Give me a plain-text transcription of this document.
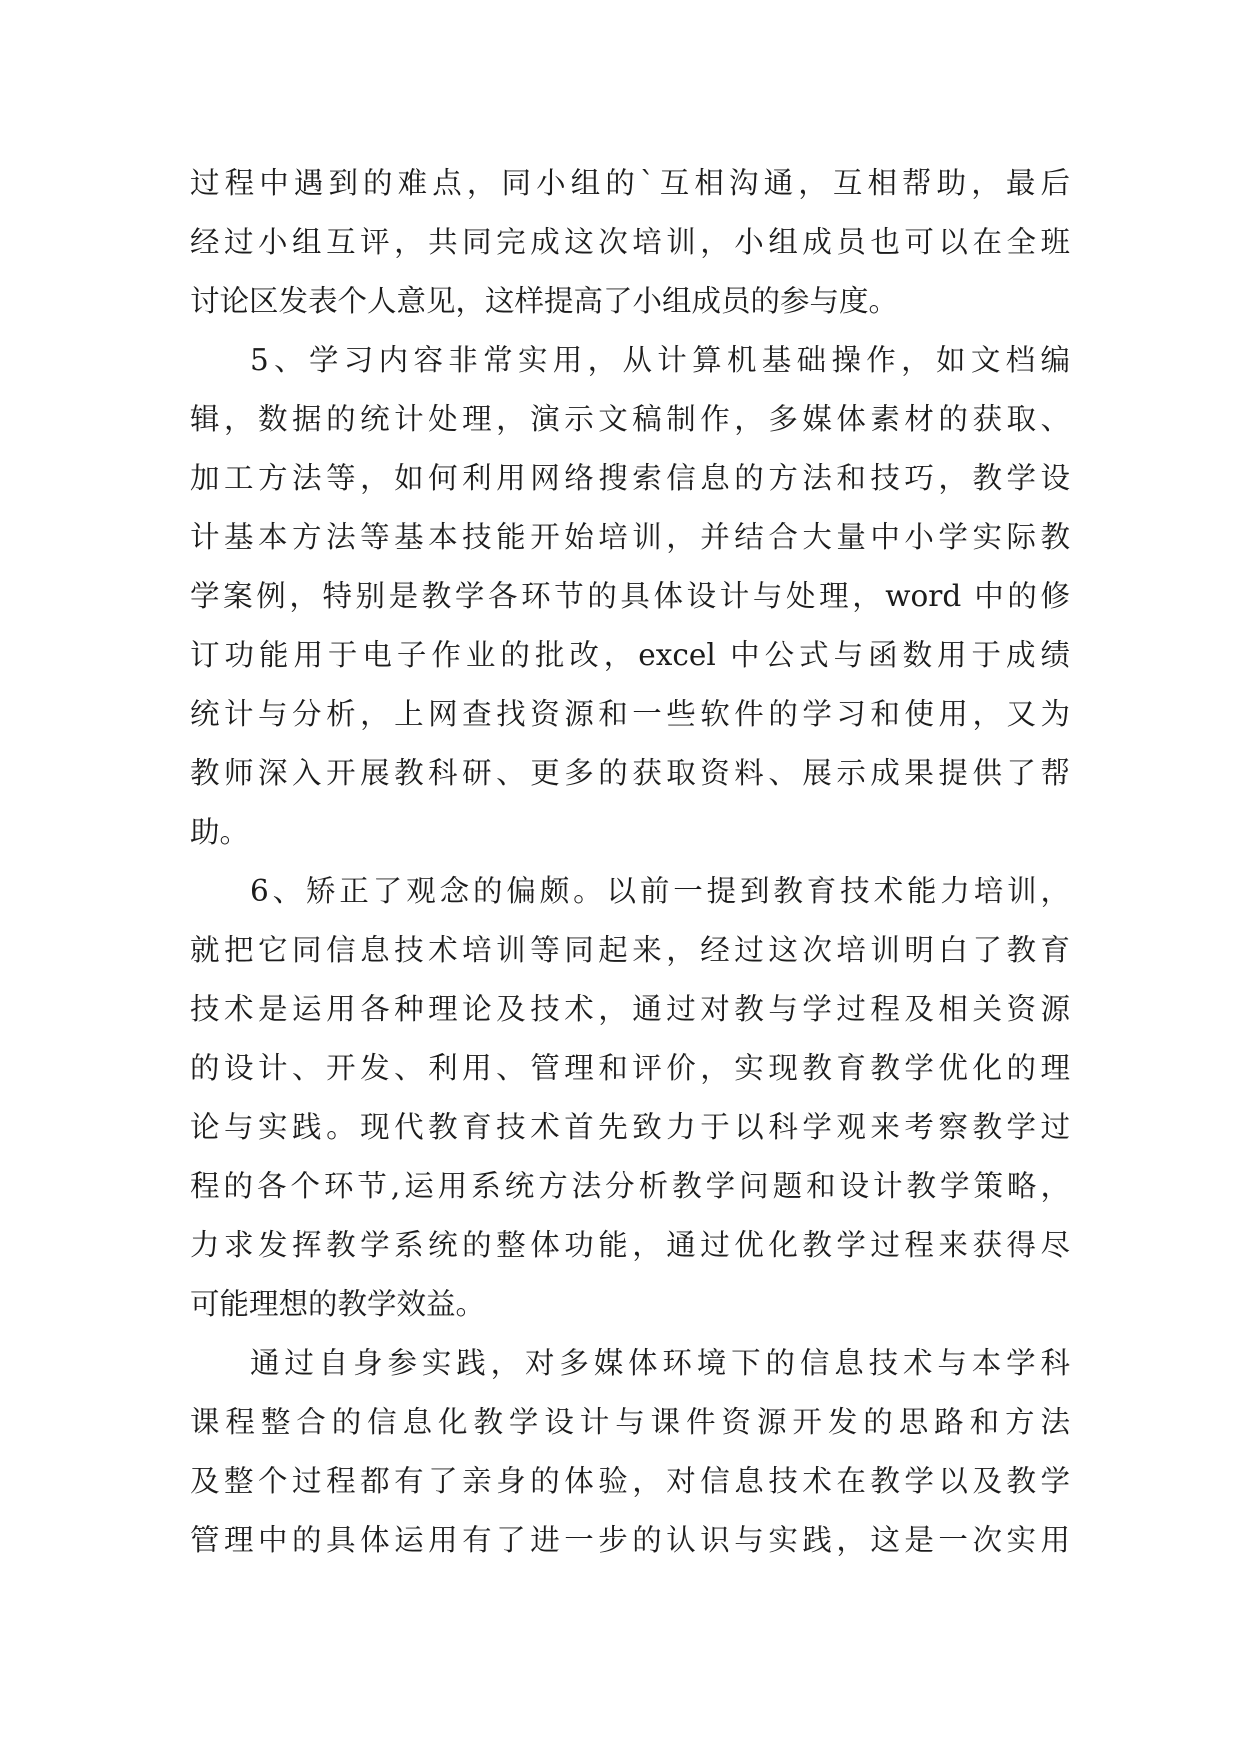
过程中遇到的难点，同小组的`互相沟通，互相帮助，最后
经过小组互评，共同完成这次培训，小组成员也可以在全班
讨论区发表个人意见，这样提高了小组成员的参与度。
5、学习内容非常实用，从计算机基础操作，如文档编
辑，数据的统计处理，演示文稿制作，多媒体素材的获取、
加工方法等，如何利用网络搜索信息的方法和技巧，教学设
计基本方法等基本技能开始培训，并结合大量中小学实际教
学案例，特别是教学各环节的具体设计与处理，word 中的修
订功能用于电子作业的批改，excel 中公式与函数用于成绩
统计与分析，上网查找资源和一些软件的学习和使用，又为
教师深入开展教科研、更多的获取资料、展示成果提供了帮
助。
6、矫正了观念的偏颇。以前一提到教育技术能力培训，
就把它同信息技术培训等同起来，经过这次培训明白了教育
技术是运用各种理论及技术，通过对教与学过程及相关资源
的设计、开发、利用、管理和评价，实现教育教学优化的理
论与实践。现代教育技术首先致力于以科学观来考察教学过
程的各个环节,运用系统方法分析教学问题和设计教学策略，
力求发挥教学系统的整体功能，通过优化教学过程来获得尽
可能理想的教学效益。
通过自身参实践，对多媒体环境下的信息技术与本学科
课程整合的信息化教学设计与课件资源开发的思路和方法
及整个过程都有了亲身的体验，对信息技术在教学以及教学
管理中的具体运用有了进一步的认识与实践，这是一次实用
